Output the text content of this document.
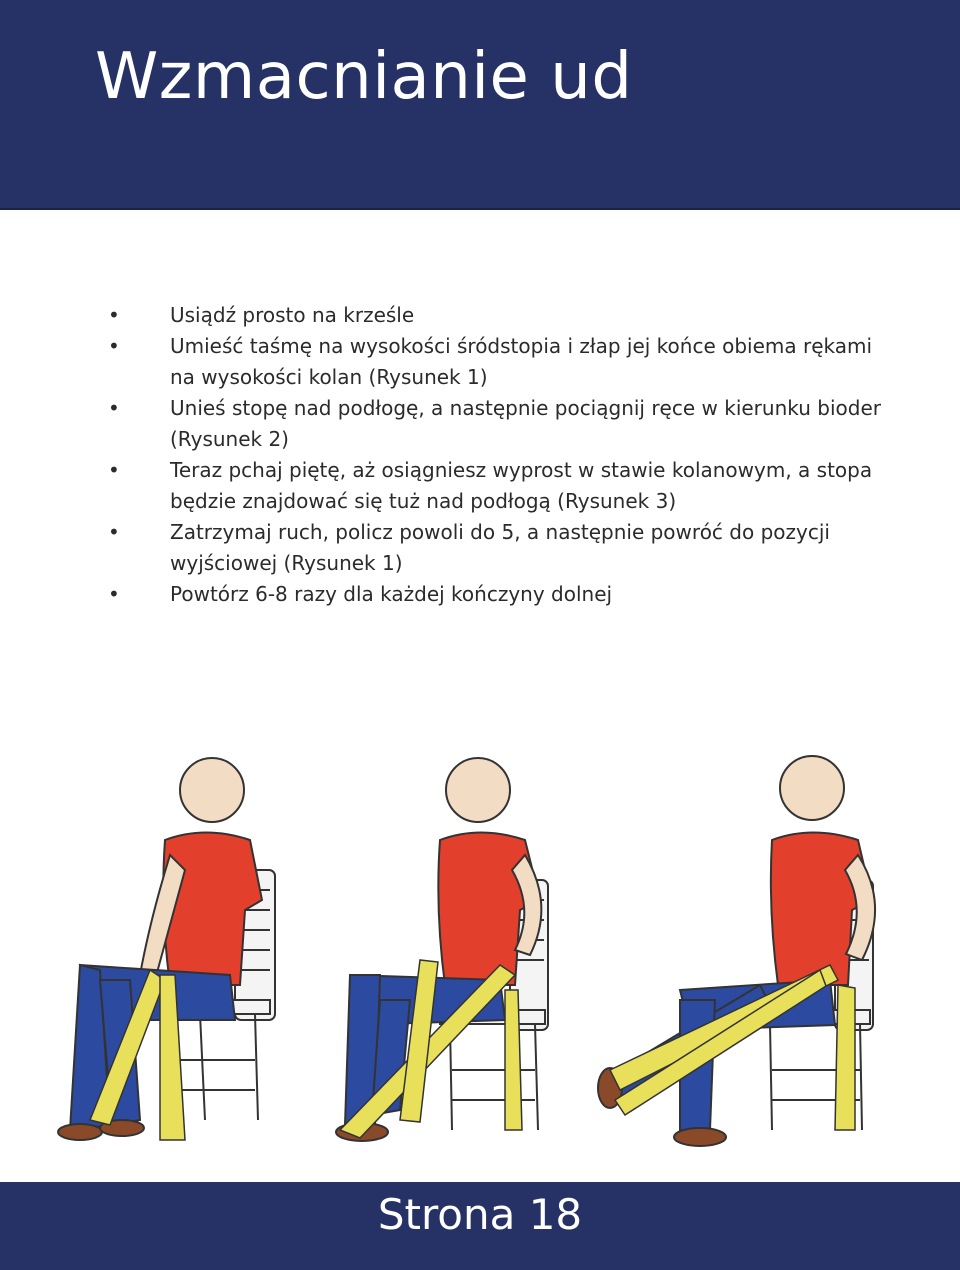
Wzmacnianie ud
•	Usiądź prosto na krześle
•	Umieść taśmę na wysokości śródstopia i złap jej końce obiema rękami na wysokości kolan (Rysunek 1)
•	Unieś stopę nad podłogę, a następnie pociągnij ręce w kierunku bioder (Rysunek 2)
•	Teraz pchaj piętę, aż osiągniesz wyprost w stawie kolanowym, a stopa będzie znajdować się tuż nad podłogą (Rysunek 3)
•	Zatrzymaj ruch, policz powoli do 5, a następnie powróć do pozycji wyjściowej (Rysunek 1)
•	Powtórz 6-8 razy dla każdej kończyny dolnej
Strona 18
